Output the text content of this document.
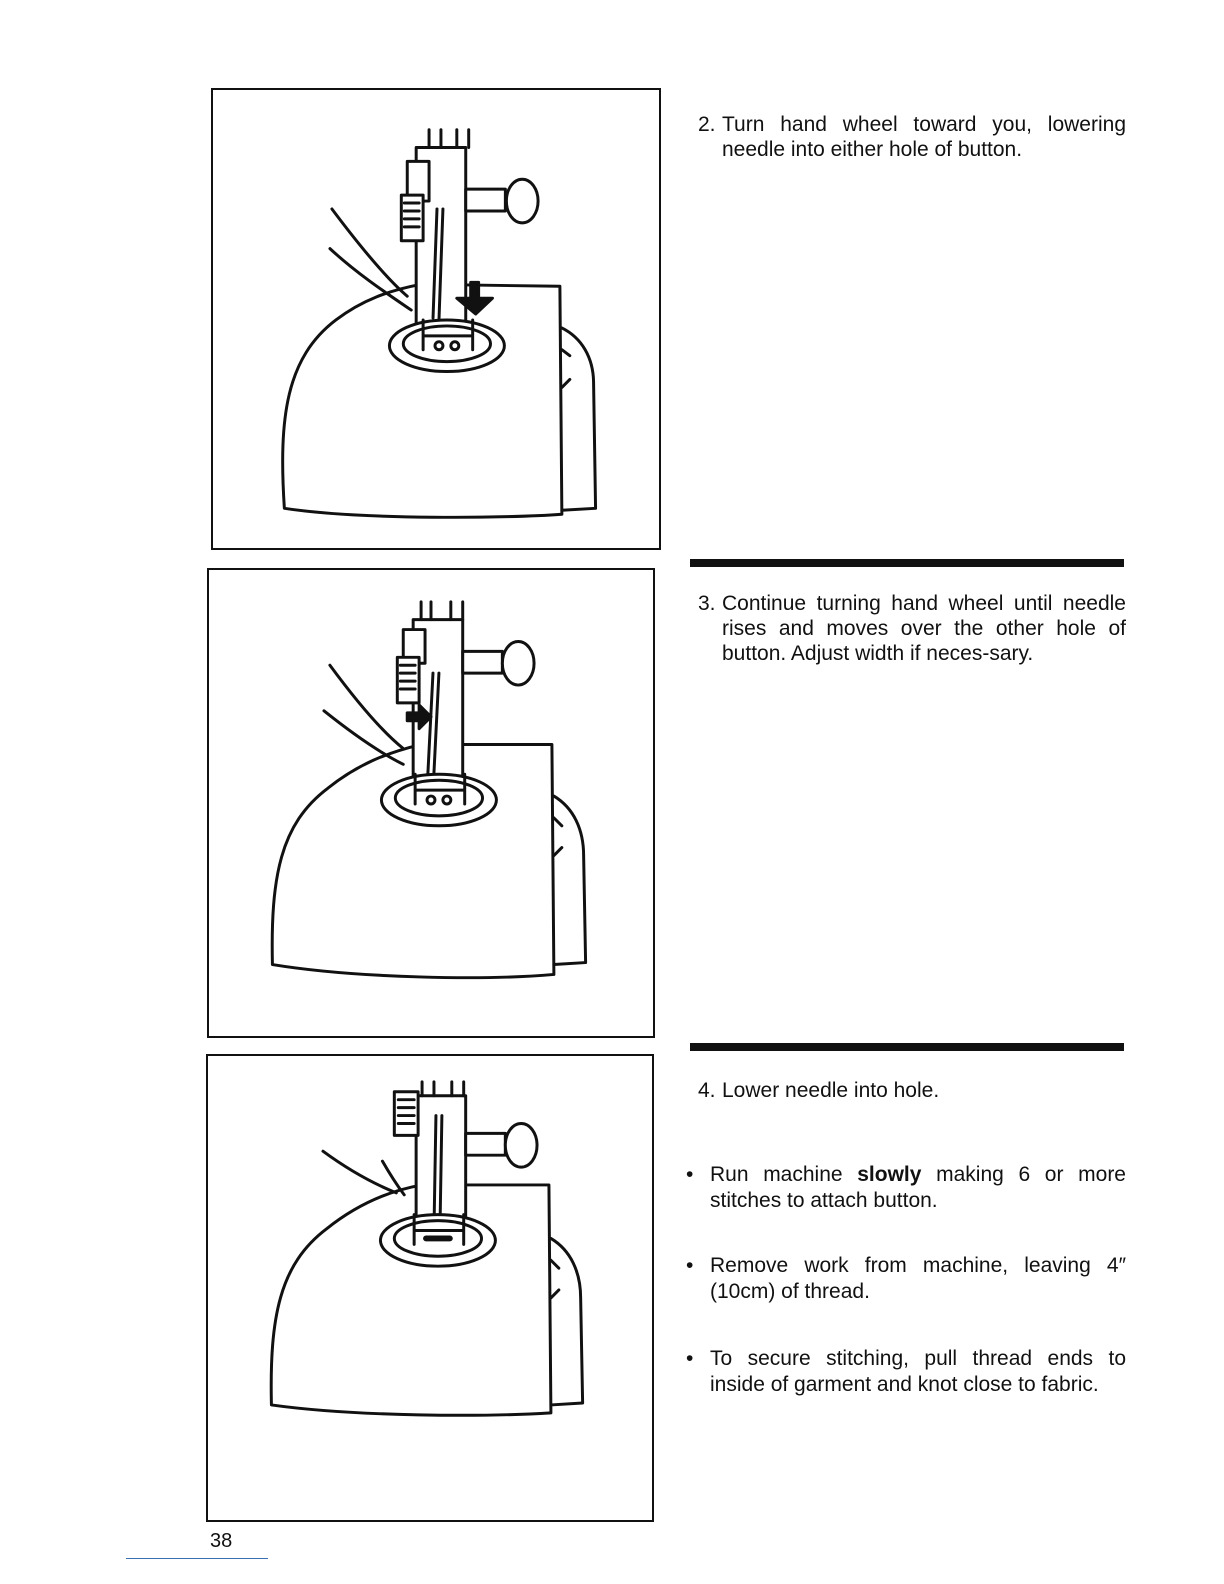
2. Turn hand wheel toward you, lowering needle into either hole of button.

3. Continue turning hand wheel until needle rises and moves over the other hole of button. Adjust width if neces-sary.

4. Lower needle into hole.

• Run machine slowly making 6 or more stitches to attach button.

• Remove work from machine, leaving 4″ (10cm) of thread.

• To secure stitching, pull thread ends to inside of garment and knot close to fabric.

38
